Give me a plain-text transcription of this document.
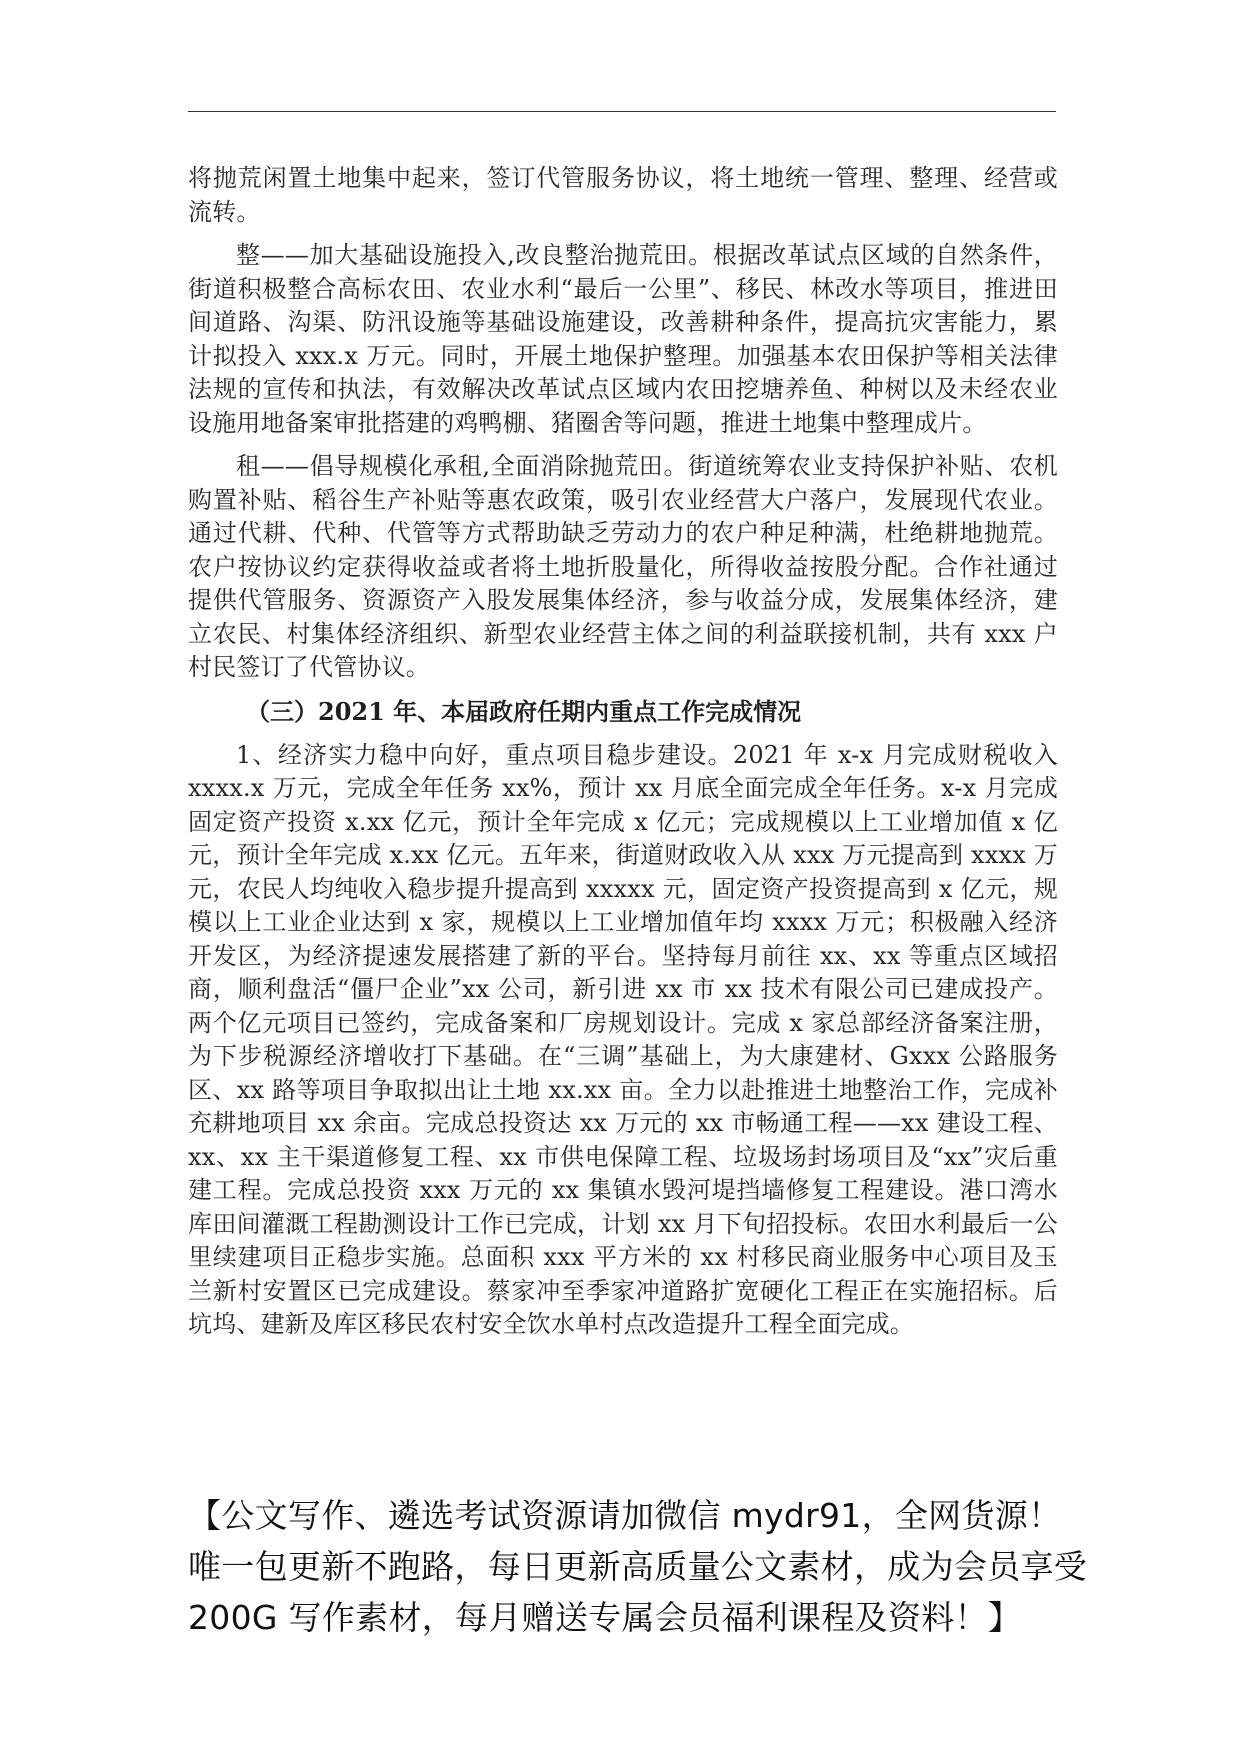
将抛荒闲置土地集中起来，签订代管服务协议，将土地统一管理、整理、经营或流转。

整——加大基础设施投入,改良整治抛荒田。根据改革试点区域的自然条件，街道积极整合高标农田、农业水利“最后一公里”、移民、林改水等项目，推进田间道路、沟渠、防汛设施等基础设施建设，改善耕种条件，提高抗灾害能力，累计拟投入 xxx.x 万元。同时，开展土地保护整理。加强基本农田保护等相关法律法规的宣传和执法，有效解决改革试点区域内农田挖塘养鱼、种树以及未经农业设施用地备案审批搭建的鸡鸭棚、猪圈舍等问题，推进土地集中整理成片。

租——倡导规模化承租,全面消除抛荒田。街道统筹农业支持保护补贴、农机购置补贴、稻谷生产补贴等惠农政策，吸引农业经营大户落户，发展现代农业。通过代耕、代种、代管等方式帮助缺乏劳动力的农户种足种满，杜绝耕地抛荒。农户按协议约定获得收益或者将土地折股量化，所得收益按股分配。合作社通过提供代管服务、资源资产入股发展集体经济，参与收益分成，发展集体经济，建立农民、村集体经济组织、新型农业经营主体之间的利益联接机制，共有 xxx 户村民签订了代管协议。

（三）2021 年、本届政府任期内重点工作完成情况

1、经济实力稳中向好，重点项目稳步建设。2021 年 x-x 月完成财税收入 xxxx.x 万元，完成全年任务 xx%，预计 xx 月底全面完成全年任务。x-x 月完成固定资产投资 x.xx 亿元，预计全年完成 x 亿元；完成规模以上工业增加值 x 亿元，预计全年完成 x.xx 亿元。五年来，街道财政收入从 xxx 万元提高到 xxxx 万元，农民人均纯收入稳步提升提高到 xxxxx 元，固定资产投资提高到 x 亿元，规模以上工业企业达到 x 家，规模以上工业增加值年均 xxxx 万元；积极融入经济开发区，为经济提速发展搭建了新的平台。坚持每月前往 xx、xx 等重点区域招商，顺利盘活“僵尸企业”xx 公司，新引进 xx 市 xx 技术有限公司已建成投产。两个亿元项目已签约，完成备案和厂房规划设计。完成 x 家总部经济备案注册，为下步税源经济增收打下基础。在“三调”基础上，为大康建材、Gxxx 公路服务区、xx 路等项目争取拟出让土地 xx.xx 亩。全力以赴推进土地整治工作，完成补充耕地项目 xx 余亩。完成总投资达 xx 万元的 xx 市畅通工程——xx 建设工程、xx、xx 主干渠道修复工程、xx 市供电保障工程、垃圾场封场项目及“xx”灾后重建工程。完成总投资 xxx 万元的 xx 集镇水毁河堤挡墙修复工程建设。港口湾水库田间灌溉工程勘测设计工作已完成，计划 xx 月下旬招投标。农田水利最后一公里续建项目正稳步实施。总面积 xxx 平方米的 xx 村移民商业服务中心项目及玉兰新村安置区已完成建设。蔡家冲至季家冲道路扩宽硬化工程正在实施招标。后坑坞、建新及库区移民农村安全饮水单村点改造提升工程全面完成。

【公文写作、遴选考试资源请加微信 mydr91，全网货源！唯一包更新不跑路，每日更新高质量公文素材，成为会员享受 200G 写作素材，每月赠送专属会员福利课程及资料！】
